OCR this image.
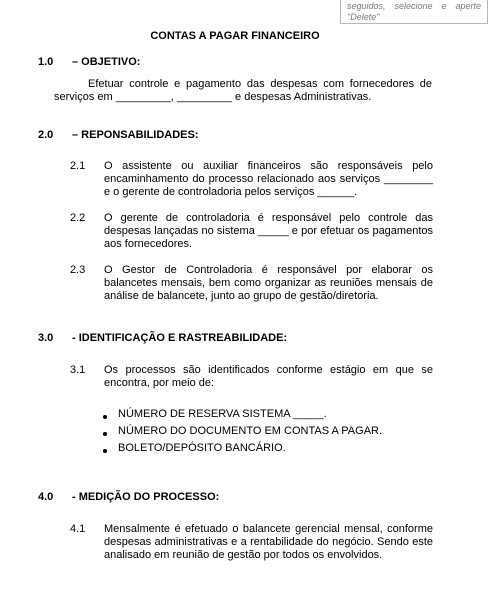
seguidos, selecione e aperte
"Delete"
CONTAS A PAGAR FINANCEIRO
1.0 – OBJETIVO:
Efetuar controle e pagamento das despesas com fornecedores de serviços em _________, _________ e despesas Administrativas.
2.0 – REPONSABILIDADES:
2.1 O assistente ou auxiliar financeiros são responsáveis pelo encaminhamento do processo relacionado aos serviços ________ e o gerente de controladoria pelos serviços ______.
2.2 O gerente de controladoria é responsável pelo controle das despesas lançadas no sistema _____ e por efetuar os pagamentos aos fornecedores.
2.3 O Gestor de Controladoria é responsável por elaborar os balancetes mensais, bem como organizar as reuniões mensais de análise de balancete, junto ao grupo de gestão/diretoria.
3.0 - IDENTIFICAÇÃO E RASTREABILIDADE:
3.1 Os processos são identificados conforme estágio em que se encontra, por meio de:
NÚMERO DE RESERVA SISTEMA _____.
NÚMERO DO DOCUMENTO EM CONTAS A PAGAR.
BOLETO/DEPÓSITO BANCÁRIO.
4.0 - MEDIÇÃO DO PROCESSO:
4.1 Mensalmente é efetuado o balancete gerencial mensal, conforme despesas administrativas e a rentabilidade do negócio. Sendo este analisado em reunião de gestão por todos os envolvidos.
